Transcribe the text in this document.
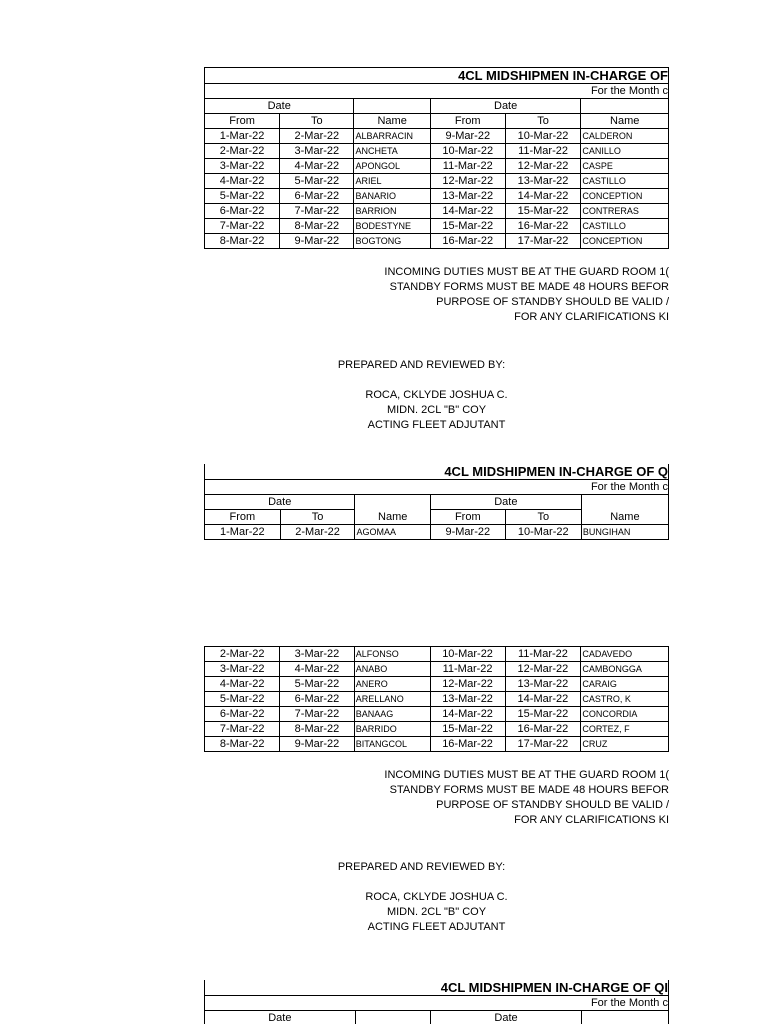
4CL MIDSHIPMEN IN-CHARGE OF					
For the Month c					
Date			Date		
From	To	Name	From	To	Name
1-Mar-22	2-Mar-22	ALBARRACIN	9-Mar-22	10-Mar-22	CALDERON
2-Mar-22	3-Mar-22	ANCHETA	10-Mar-22	11-Mar-22	CANILLO
3-Mar-22	4-Mar-22	APONGOL	11-Mar-22	12-Mar-22	CASPE
4-Mar-22	5-Mar-22	ARIEL	12-Mar-22	13-Mar-22	CASTILLO
5-Mar-22	6-Mar-22	BANARIO	13-Mar-22	14-Mar-22	CONCEPTION
6-Mar-22	7-Mar-22	BARRION	14-Mar-22	15-Mar-22	CONTRERAS
7-Mar-22	8-Mar-22	BODESTYNE	15-Mar-22	16-Mar-22	CASTILLO
8-Mar-22	9-Mar-22	BOGTONG	16-Mar-22	17-Mar-22	CONCEPTION
INCOMING DUTIES MUST BE AT THE GUARD ROOM 1(
STANDBY FORMS MUST BE MADE 48 HOURS BEFOR
PURPOSE OF STANDBY SHOULD BE VALID /
FOR ANY CLARIFICATIONS KI
PREPARED AND REVIEWED BY:
ROCA, CKLYDE JOSHUA C.
MIDN. 2CL "B" COY
ACTING FLEET ADJUTANT
4CL MIDSHIPMEN IN-CHARGE OF Q					
For the Month c					
Date		Name	Date		Name
From	To		From	To	
1-Mar-22	2-Mar-22	AGOMAA	9-Mar-22	10-Mar-22	BUNGIHAN
2-Mar-22	3-Mar-22	ALFONSO	10-Mar-22	11-Mar-22	CADAVEDO
3-Mar-22	4-Mar-22	ANABO	11-Mar-22	12-Mar-22	CAMBONGGA
4-Mar-22	5-Mar-22	ANERO	12-Mar-22	13-Mar-22	CARAIG
5-Mar-22	6-Mar-22	ARELLANO	13-Mar-22	14-Mar-22	CASTRO, K
6-Mar-22	7-Mar-22	BANAAG	14-Mar-22	15-Mar-22	CONCORDIA
7-Mar-22	8-Mar-22	BARRIDO	15-Mar-22	16-Mar-22	CORTEZ, F
8-Mar-22	9-Mar-22	BITANGCOL	16-Mar-22	17-Mar-22	CRUZ
INCOMING DUTIES MUST BE AT THE GUARD ROOM 1(
STANDBY FORMS MUST BE MADE 48 HOURS BEFOR
PURPOSE OF STANDBY SHOULD BE VALID /
FOR ANY CLARIFICATIONS KI
PREPARED AND REVIEWED BY:
ROCA, CKLYDE JOSHUA C.
MIDN. 2CL "B" COY
ACTING FLEET ADJUTANT
4CL MIDSHIPMEN IN-CHARGE OF QI
For the Month c
Date		Date	
